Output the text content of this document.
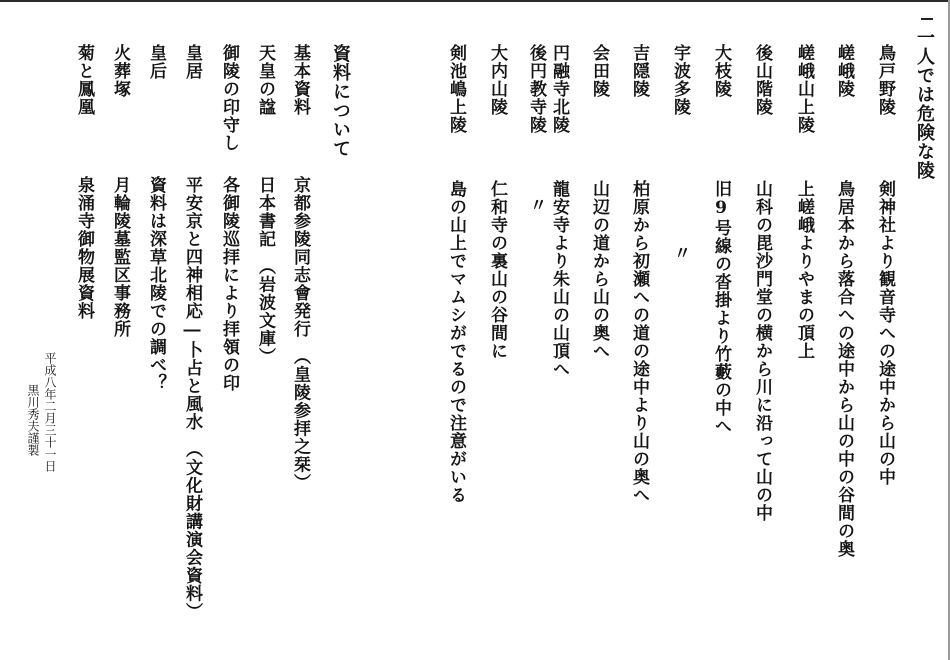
一人では危険な陵
鳥戸野陵
嵯峨陵
嵯峨山上陵
後山階陵
大枝陵
宇波多陵
吉隠陵
会田陵
円融寺北陵
後円教寺陵
大内山陵
剣池嶋上陵
剣神社より観音寺への途中から山の中
鳥居本から落合への途中から山の中の谷間の奥
上嵯峨よりやまの頂上
山科の毘沙門堂の横から川に沿って山の中
旧9号線の沓掛より竹藪の中へ
〃
柏原から初瀬への道の途中より山の奥へ
山辺の道から山の奥へ
龍安寺より朱山の山頂へ
〃
仁和寺の裏山の谷間に
島の山上でマムシがでるので注意がいる
資料について
基本資料
天皇の諡
御陵の印守し
皇居
皇后
火葬塚
菊と鳳凰
京都参陵同志會発行　（皇陵参拝之栞）
日本書記　（岩波文庫）
各御陵巡拝により拝領の印
平安京と四神相応―卜占と風水　（文化財講演会資料）
資料は深草北陵での調べ？
月輪陵墓監区事務所
泉涌寺御物展資料
平成八年二月三十一日
黒川秀夫謹製
